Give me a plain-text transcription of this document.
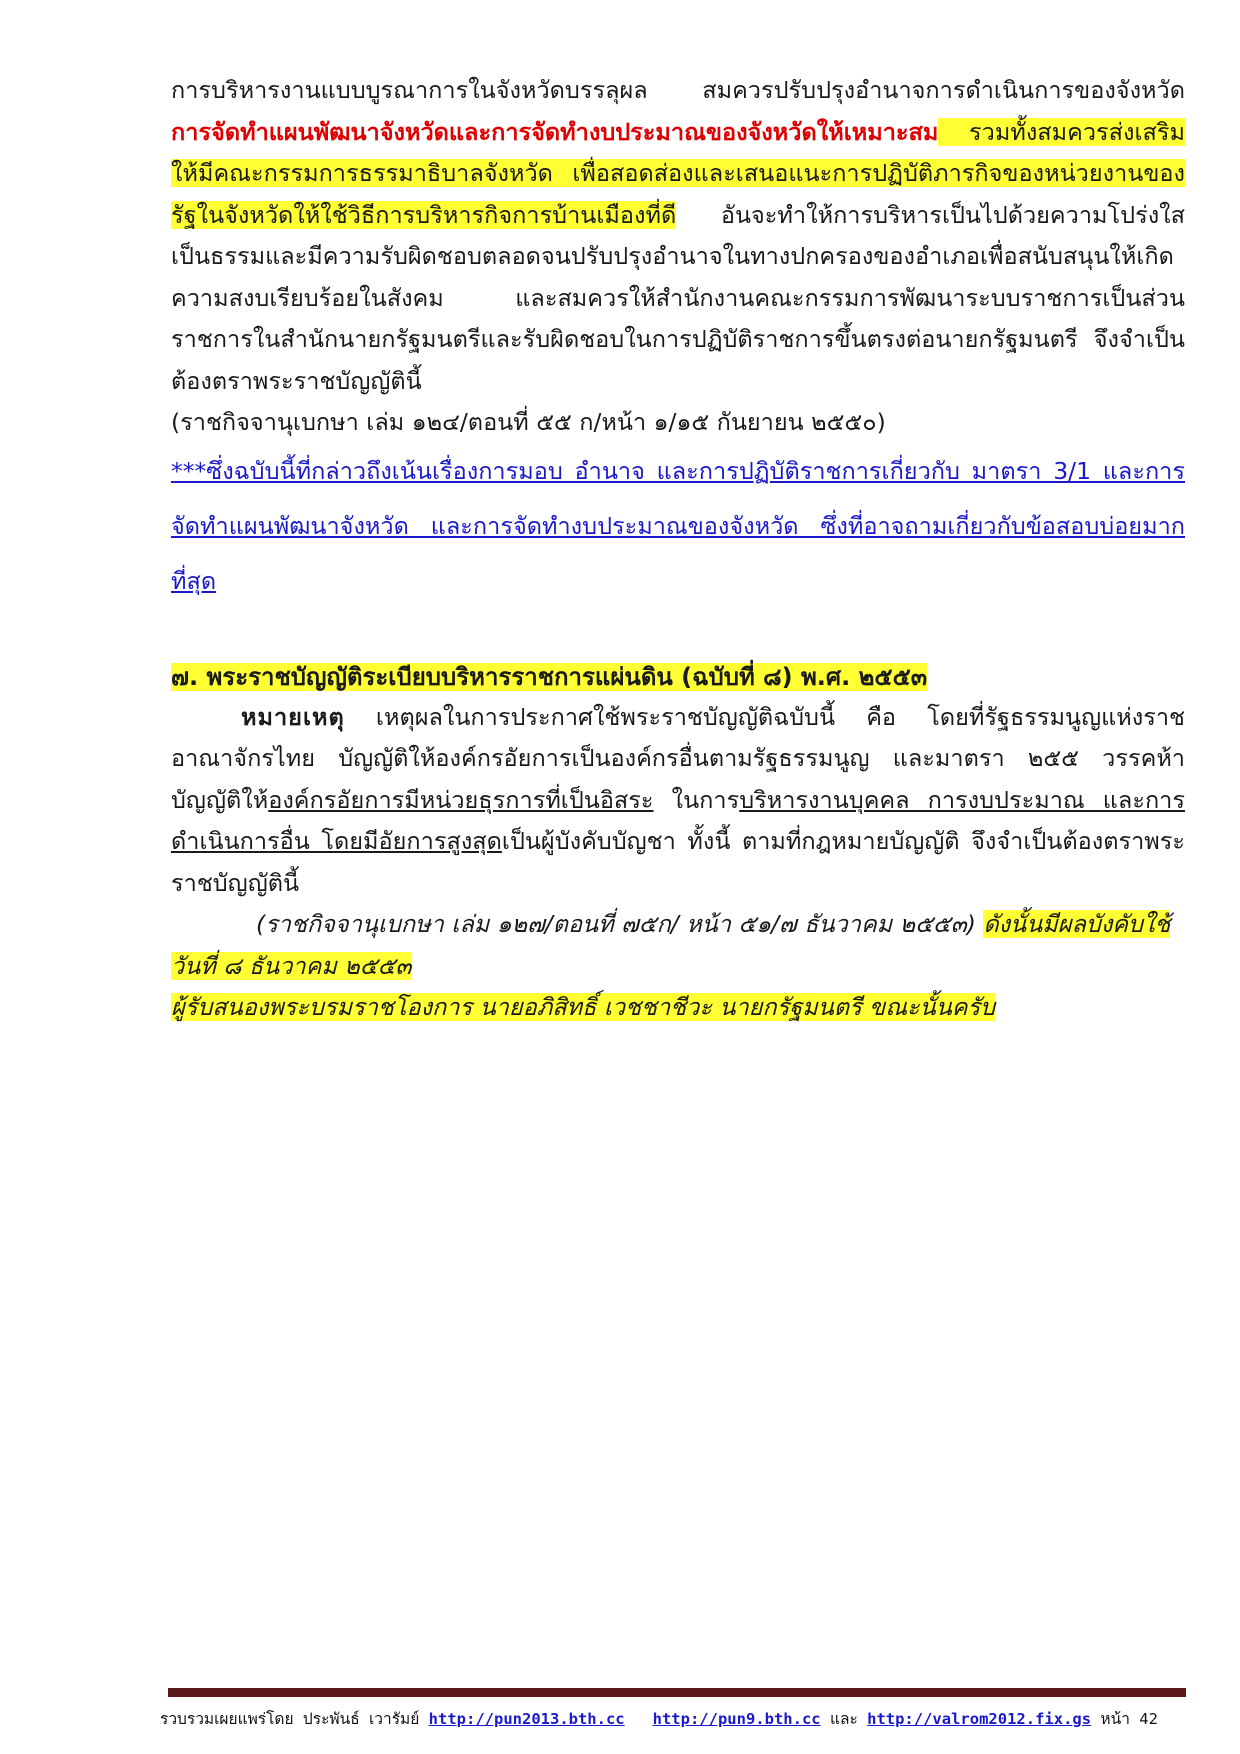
การบริหารงานแบบบูรณาการในจังหวัดบรรลุผล สมควรปรับปรุงอำนาจการดำเนินการของจังหวัด การจัดทำแผนพัฒนาจังหวัดและการจัดทำงบประมาณของจังหวัดให้เหมาะสม รวมทั้งสมควรส่งเสริมให้มีคณะกรรมการธรรมาธิบาลจังหวัด เพื่อสอดส่องและเสนอแนะการปฏิบัติภารกิจของหน่วยงานของรัฐในจังหวัดให้ใช้วิธีการบริหารกิจการบ้านเมืองที่ดี อันจะทำให้การบริหารเป็นไปด้วยความโปร่งใสเป็นธรรมและมีความรับผิดชอบตลอดจนปรับปรุงอำนาจในทางปกครองของอำเภอเพื่อสนับสนุนให้เกิดความสงบเรียบร้อยในสังคม และสมควรให้สำนักงานคณะกรรมการพัฒนาระบบราชการเป็นส่วนราชการในสำนักนายกรัฐมนตรีและรับผิดชอบในการปฏิบัติราชการขึ้นตรงต่อนายกรัฐมนตรี จึงจำเป็นต้องตราพระราชบัญญัตินี้

(ราชกิจจานุเบกษา เล่ม ๑๒๔/ตอนที่ ๕๕ ก/หน้า ๑/๑๕ กันยายน ๒๕๕๐)

***ซึ่งฉบับนี้ที่กล่าวถึงเน้นเรื่องการมอบ อำนาจ และการปฏิบัติราชการเกี่ยวกับ มาตรา 3/1 และการจัดทำแผนพัฒนาจังหวัด และการจัดทำงบประมาณของจังหวัด ซึ่งที่อาจถามเกี่ยวกับข้อสอบบ่อยมากที่สุด

๗. พระราชบัญญัติระเบียบบริหารราชการแผ่นดิน (ฉบับที่ ๘) พ.ศ. ๒๕๕๓

หมายเหตุ เหตุผลในการประกาศใช้พระราชบัญญัติฉบับนี้ คือ โดยที่รัฐธรรมนูญแห่งราชอาณาจักรไทย บัญญัติให้องค์กรอัยการเป็นองค์กรอื่นตามรัฐธรรมนูญ และมาตรา ๒๕๕ วรรคห้า บัญญัติให้องค์กรอัยการมีหน่วยธุรการที่เป็นอิสระ ในการบริหารงานบุคคล การงบประมาณ และการดำเนินการอื่น โดยมีอัยการสูงสุดเป็นผู้บังคับบัญชา ทั้งนี้ ตามที่กฎหมายบัญญัติ จึงจำเป็นต้องตราพระราชบัญญัตินี้

(ราชกิจจานุเบกษา เล่ม ๑๒๗/ตอนที่ ๗๕ก/ หน้า ๕๑/๗ ธันวาคม ๒๕๕๓) ดังนั้นมีผลบังคับใช้วันที่ ๘ ธันวาคม ๒๕๕๓

ผู้รับสนองพระบรมราชโองการ นายอภิสิทธิ์ เวชชาชีวะ นายกรัฐมนตรี ขณะนั้นครับ

รวบรวมเผยแพร่โดย ประพันธ์ เวารัมย์ http://pun2013.bth.cc http://pun9.bth.cc และ http://valrom2012.fix.gs หน้า 42
